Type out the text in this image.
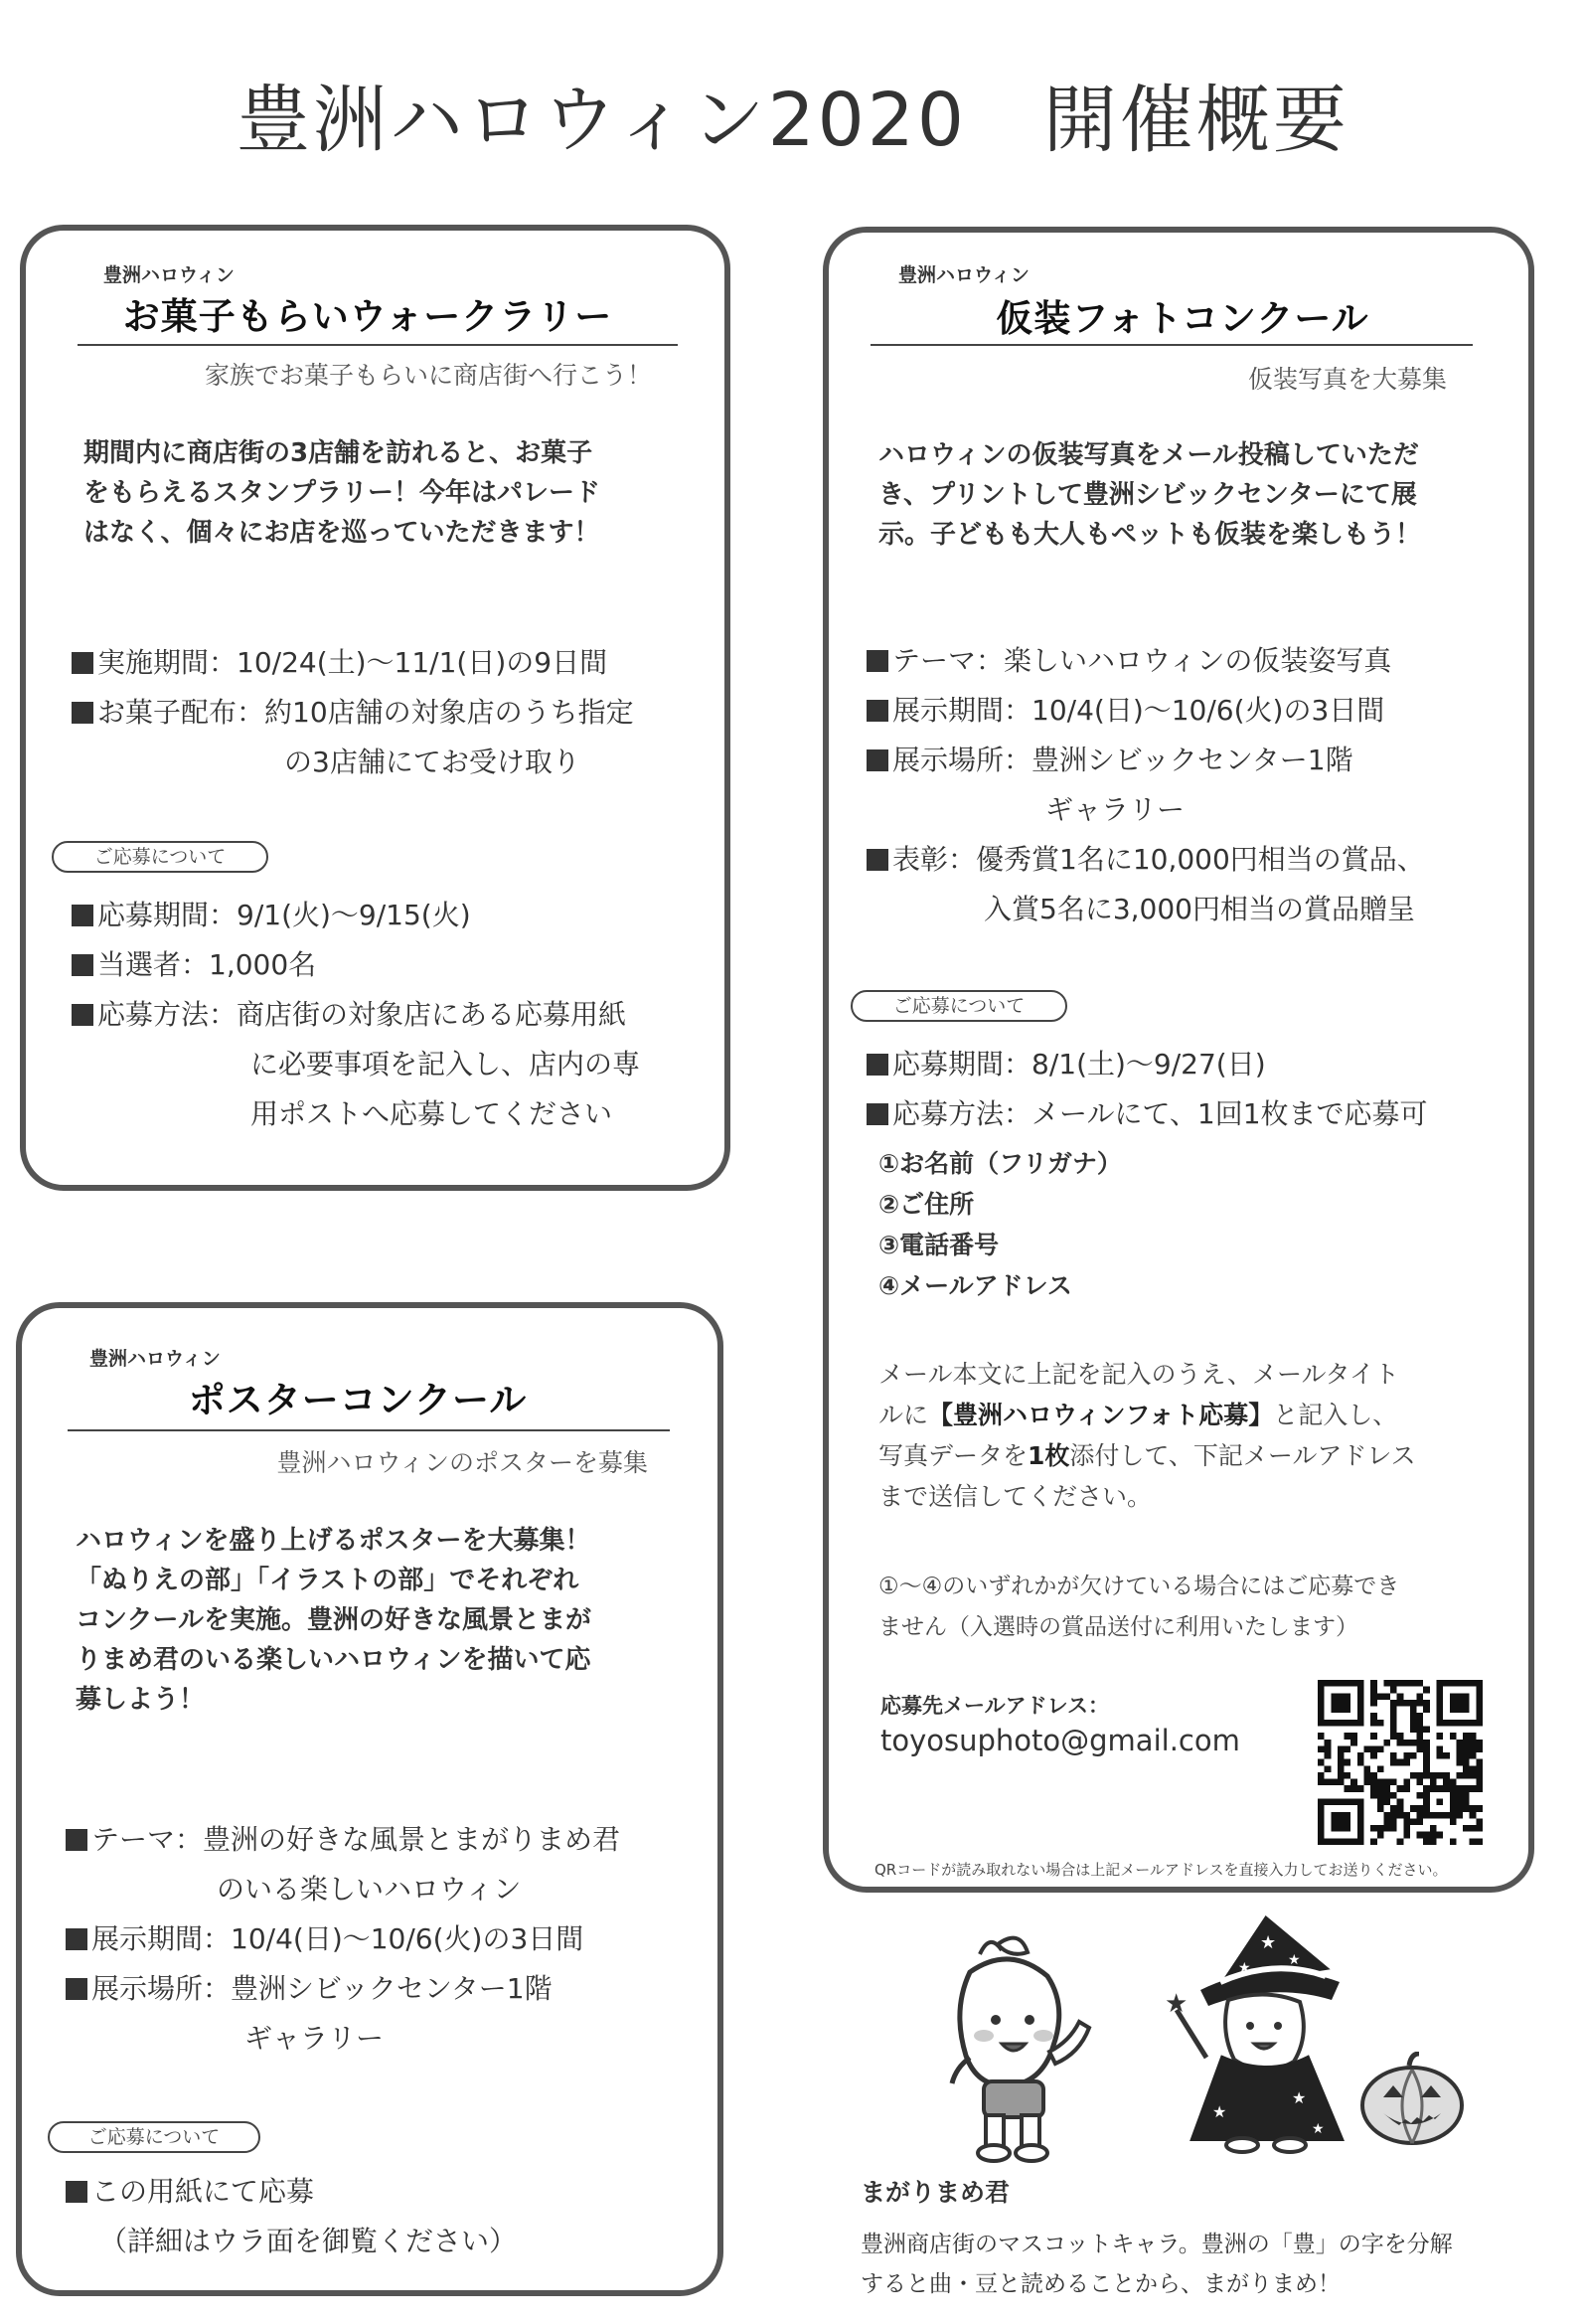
豊洲ハロウィン2020　開催概要
豊洲ハロウィン
お菓子もらいウォークラリー
家族でお菓子もらいに商店街へ行こう！
期間内に商店街の3店舗を訪れると、お菓子
をもらえるスタンプラリー！今年はパレード
はなく、個々にお店を巡っていただきます！
実施期間： 10/24(土)〜11/1(日)の9日間
お菓子配布： 約10店舗の対象店のうち指定
の3店舗にてお受け取り
ご応募について
応募期間： 9/1(火)〜9/15(火)
当選者： 1,000名
応募方法： 商店街の対象店にある応募用紙
に必要事項を記入し、店内の専
用ポストへ応募してください
豊洲ハロウィン
仮装フォトコンクール
仮装写真を大募集
ハロウィンの仮装写真をメール投稿していただ
き、プリントして豊洲シビックセンターにて展
示。子どもも大人もペットも仮装を楽しもう！
テーマ： 楽しいハロウィンの仮装姿写真
展示期間： 10/4(日)〜10/6(火)の3日間
展示場所： 豊洲シビックセンター1階
ギャラリー
表彰： 優秀賞1名に10,000円相当の賞品、
入賞5名に3,000円相当の賞品贈呈
ご応募について
応募期間： 8/1(土)〜9/27(日)
応募方法： メールにて、1回1枚まで応募可
①お名前（フリガナ）
②ご住所
③電話番号
④メールアドレス
メール本文に上記を記入のうえ、メールタイト
ルに【豊洲ハロウィンフォト応募】と記入し、
写真データを1枚添付して、下記メールアドレス
まで送信してください。
①〜④のいずれかが欠けている場合にはご応募でき
ません（入選時の賞品送付に利用いたします）
応募先メールアドレス：
toyosuphoto@gmail.com
QRコードが読み取れない場合は上記メールアドレスを直接入力してお送りください。
豊洲ハロウィン
ポスターコンクール
豊洲ハロウィンのポスターを募集
ハロウィンを盛り上げるポスターを大募集！
「ぬりえの部」「イラストの部」でそれぞれ
コンクールを実施。豊洲の好きな風景とまが
りまめ君のいる楽しいハロウィンを描いて応
募しよう！
テーマ： 豊洲の好きな風景とまがりまめ君
のいる楽しいハロウィン
展示期間： 10/4(日)〜10/6(火)の3日間
展示場所： 豊洲シビックセンター1階
ギャラリー
ご応募について
この用紙にて応募
（詳細はウラ面を御覧ください）
★
★
★
★
★
★
★
まがりまめ君
豊洲商店街のマスコットキャラ。豊洲の「豊」の字を分解
すると曲・豆と読めることから、まがりまめ！
